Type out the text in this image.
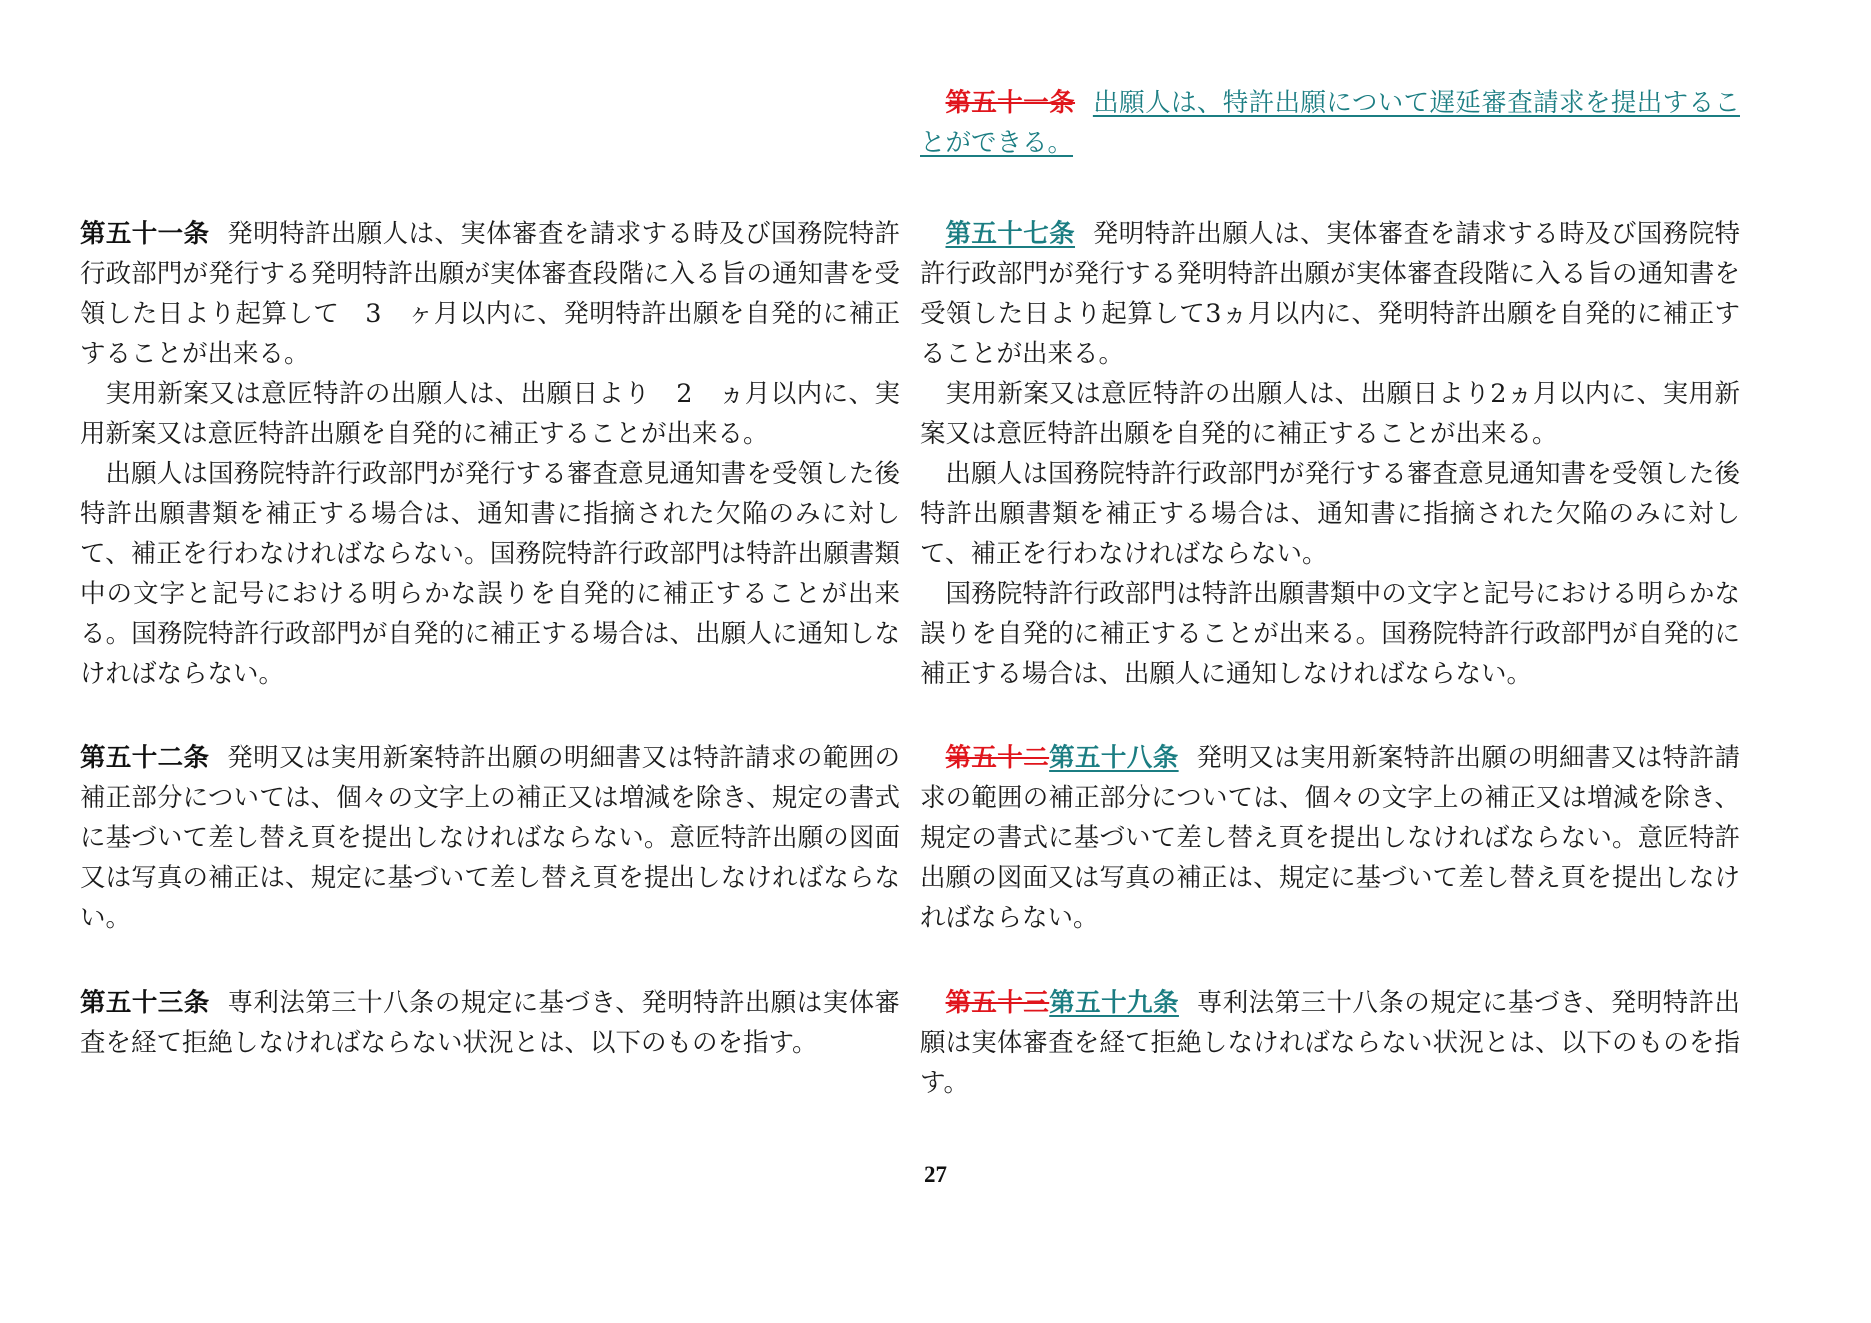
第五十一条 発明特許出願人は、実体審査を請求する時及び国務院特許行政部門が発行する発明特許出願が実体審査段階に入る旨の通知書を受領した日より起算して　3　ヶ月以内に、発明特許出願を自発的に補正することが出来る。

実用新案又は意匠特許の出願人は、出願日より　2　ヵ月以内に、実用新案又は意匠特許出願を自発的に補正することが出来る。

出願人は国務院特許行政部門が発行する審査意見通知書を受領した後特許出願書類を補正する場合は、通知書に指摘された欠陥のみに対して、補正を行わなければならない。国務院特許行政部門は特許出願書類中の文字と記号における明らかな誤りを自発的に補正することが出来る。国務院特許行政部門が自発的に補正する場合は、出願人に通知しなければならない。

第五十二条 発明又は実用新案特許出願の明細書又は特許請求の範囲の補正部分については、個々の文字上の補正又は増減を除き、規定の書式に基づいて差し替え頁を提出しなければならない。意匠特許出願の図面又は写真の補正は、規定に基づいて差し替え頁を提出しなければならない。

第五十三条 専利法第三十八条の規定に基づき、発明特許出願は実体審査を経て拒絶しなければならない状況とは、以下のものを指す。

第五十一条 出願人は、特許出願について遅延審査請求を提出することができる。

第五十七条 発明特許出願人は、実体審査を請求する時及び国務院特許行政部門が発行する発明特許出願が実体審査段階に入る旨の通知書を受領した日より起算して3ヵ月以内に、発明特許出願を自発的に補正することが出来る。

実用新案又は意匠特許の出願人は、出願日より2ヵ月以内に、実用新案又は意匠特許出願を自発的に補正することが出来る。

出願人は国務院特許行政部門が発行する審査意見通知書を受領した後特許出願書類を補正する場合は、通知書に指摘された欠陥のみに対して、補正を行わなければならない。

国務院特許行政部門は特許出願書類中の文字と記号における明らかな誤りを自発的に補正することが出来る。国務院特許行政部門が自発的に補正する場合は、出願人に通知しなければならない。

第五十二第五十八条 発明又は実用新案特許出願の明細書又は特許請求の範囲の補正部分については、個々の文字上の補正又は増減を除き、規定の書式に基づいて差し替え頁を提出しなければならない。意匠特許出願の図面又は写真の補正は、規定に基づいて差し替え頁を提出しなければならない。

第五十三第五十九条 専利法第三十八条の規定に基づき、発明特許出願は実体審査を経て拒絶しなければならない状況とは、以下のものを指す。

27
